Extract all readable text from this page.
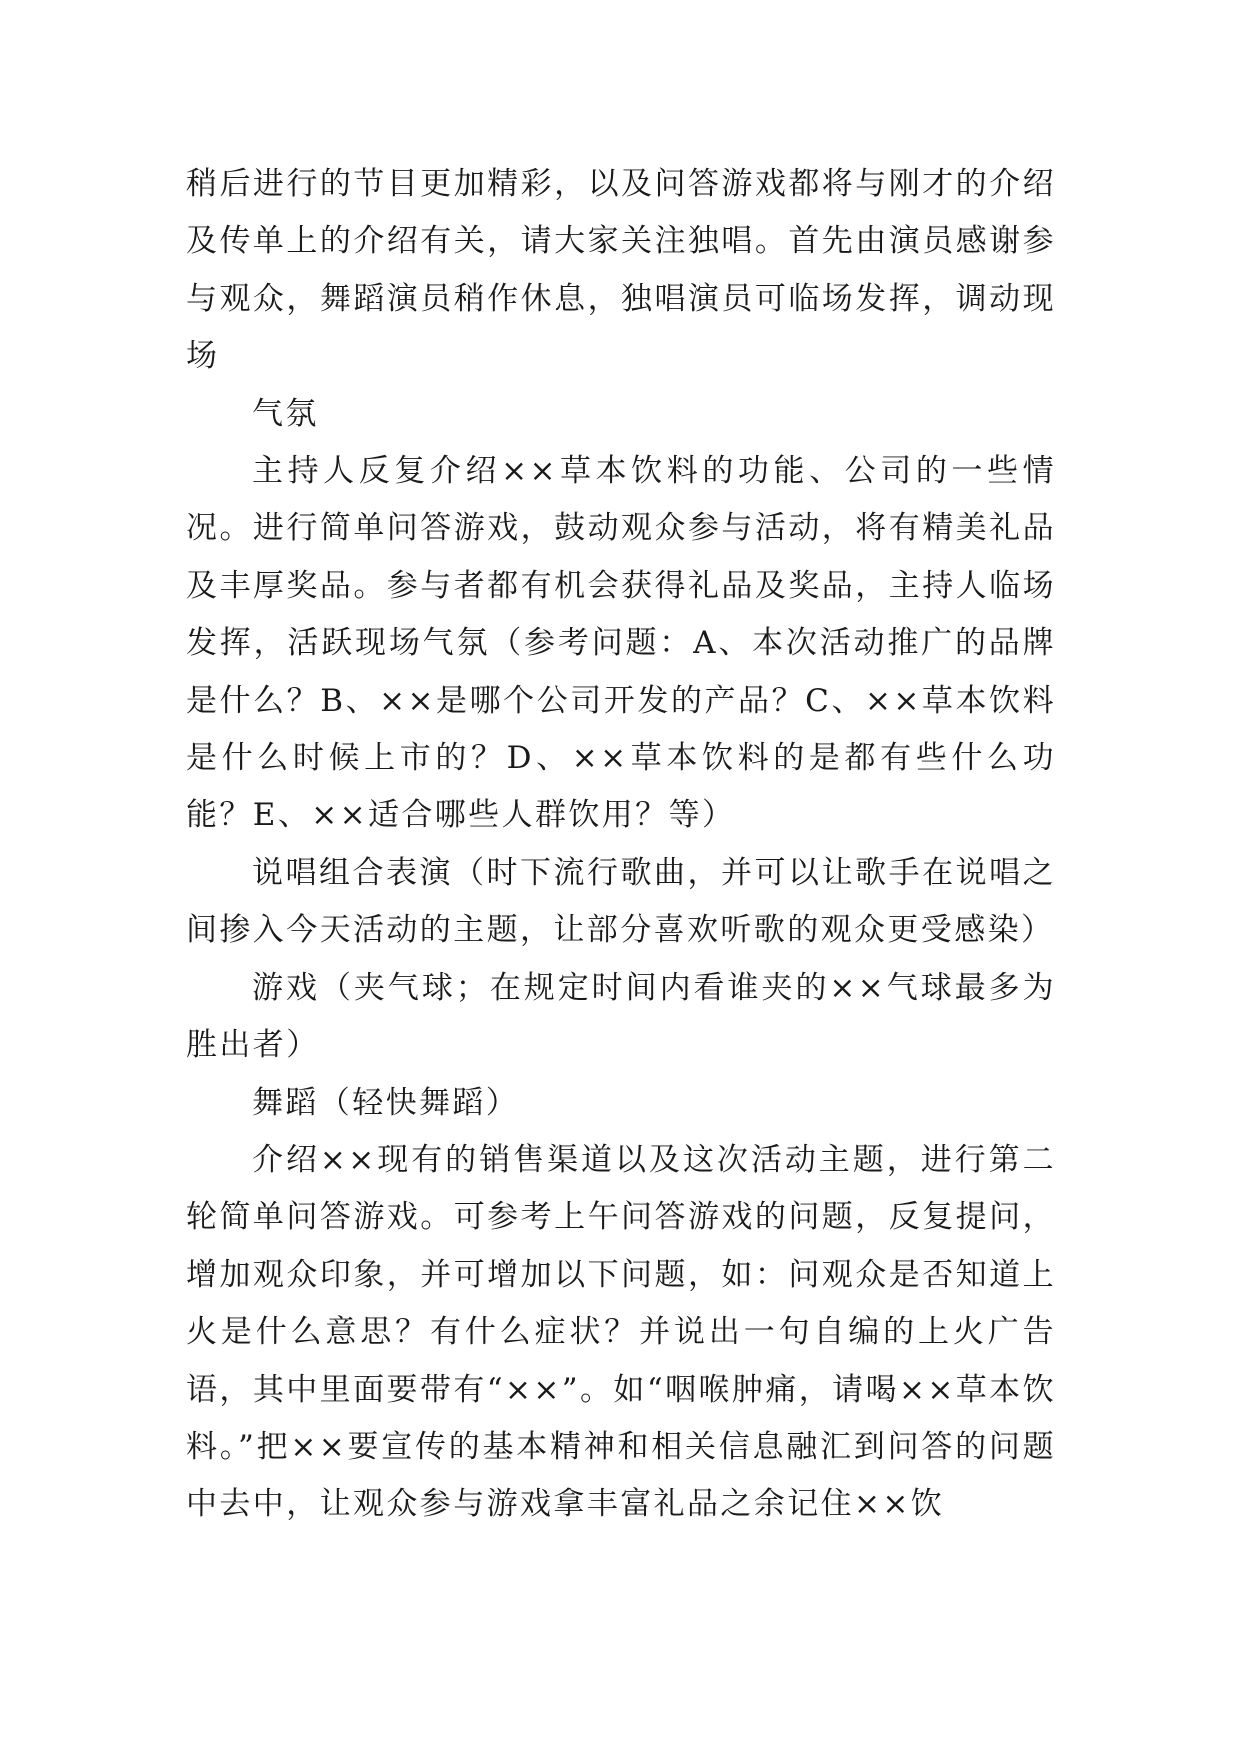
稍后进行的节目更加精彩，以及问答游戏都将与刚才的介绍及传单上的介绍有关，请大家关注独唱。首先由演员感谢参与观众，舞蹈演员稍作休息，独唱演员可临场发挥，调动现场

气氛

主持人反复介绍××草本饮料的功能、公司的一些情况。进行简单问答游戏，鼓动观众参与活动，将有精美礼品及丰厚奖品。参与者都有机会获得礼品及奖品，主持人临场发挥，活跃现场气氛（参考问题：A、本次活动推广的品牌是什么？B、××是哪个公司开发的产品？C、××草本饮料是什么时候上市的？D、××草本饮料的是都有些什么功能？E、××适合哪些人群饮用？等）

说唱组合表演（时下流行歌曲，并可以让歌手在说唱之间掺入今天活动的主题，让部分喜欢听歌的观众更受感染）

游戏（夹气球；在规定时间内看谁夹的××气球最多为胜出者）

舞蹈（轻快舞蹈）

介绍××现有的销售渠道以及这次活动主题，进行第二轮简单问答游戏。可参考上午问答游戏的问题，反复提问，增加观众印象，并可增加以下问题，如：问观众是否知道上火是什么意思？有什么症状？并说出一句自编的上火广告语，其中里面要带有“××”。如“咽喉肿痛，请喝××草本饮料。”把××要宣传的基本精神和相关信息融汇到问答的问题中去中，让观众参与游戏拿丰富礼品之余记住××饮
